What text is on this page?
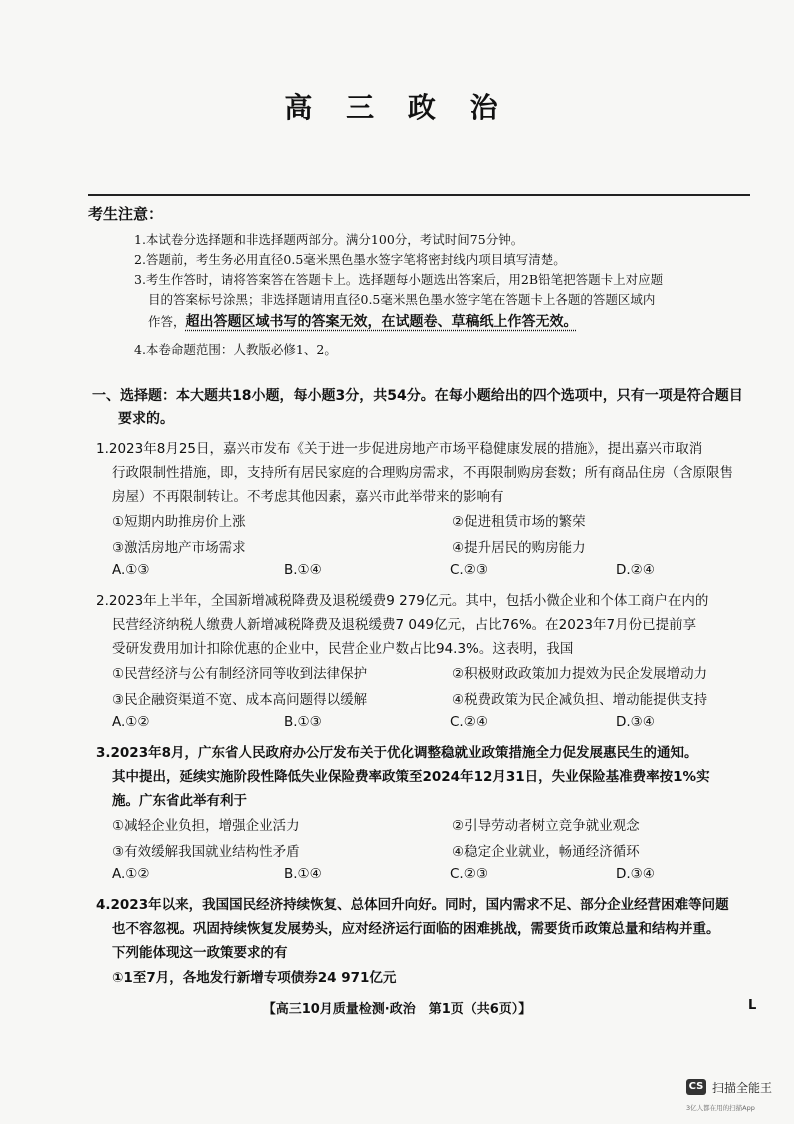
高 三 政 治
考生注意：
1.本试卷分选择题和非选择题两部分。满分100分，考试时间75分钟。
2.答题前，考生务必用直径0.5毫米黑色墨水签字笔将密封线内项目填写清楚。
3.考生作答时，请将答案答在答题卡上。选择题每小题选出答案后，用2B铅笔把答题卡上对应题
目的答案标号涂黑；非选择题请用直径0.5毫米黑色墨水签字笔在答题卡上各题的答题区域内
作答，超出答题区域书写的答案无效，在试题卷、草稿纸上作答无效。
4.本卷命题范围：人教版必修1、2。
一、选择题：本大题共18小题，每小题3分，共54分。在每小题给出的四个选项中，只有一项是符合题目
要求的。
1.2023年8月25日，嘉兴市发布《关于进一步促进房地产市场平稳健康发展的措施》，提出嘉兴市取消
行政限制性措施，即，支持所有居民家庭的合理购房需求，不再限制购房套数；所有商品住房（含原限售
房屋）不再限制转让。不考虑其他因素，嘉兴市此举带来的影响有
①短期内助推房价上涨	②促进租赁市场的繁荣
③激活房地产市场需求	④提升居民的购房能力
A.①③	B.①④	C.②③	D.②④
2.2023年上半年，全国新增减税降费及退税缓费9 279亿元。其中，包括小微企业和个体工商户在内的
民营经济纳税人缴费人新增减税降费及退税缓费7 049亿元，占比76%。在2023年7月份已提前享
受研发费用加计扣除优惠的企业中，民营企业户数占比94.3%。这表明，我国
①民营经济与公有制经济同等收到法律保护	②积极财政政策加力提效为民企发展增动力
③民企融资渠道不宽、成本高问题得以缓解	④税费政策为民企减负担、增动能提供支持
A.①②	B.①③	C.②④	D.③④
3.2023年8月，广东省人民政府办公厅发布关于优化调整稳就业政策措施全力促发展惠民生的通知。
其中提出，延续实施阶段性降低失业保险费率政策至2024年12月31日，失业保险基准费率按1%实
施。广东省此举有利于
①减轻企业负担，增强企业活力	②引导劳动者树立竞争就业观念
③有效缓解我国就业结构性矛盾	④稳定企业就业，畅通经济循环
A.①②	B.①④	C.②③	D.③④
4.2023年以来，我国国民经济持续恢复、总体回升向好。同时，国内需求不足、部分企业经营困难等问题
也不容忽视。巩固持续恢复发展势头，应对经济运行面临的困难挑战，需要货币政策总量和结构并重。
下列能体现这一政策要求的有
①1至7月，各地发行新增专项债券24 971亿元
【高三10月质量检测·政治　第1页（共6页）】	L
CS 扫描全能王
3亿人都在用的扫描App
